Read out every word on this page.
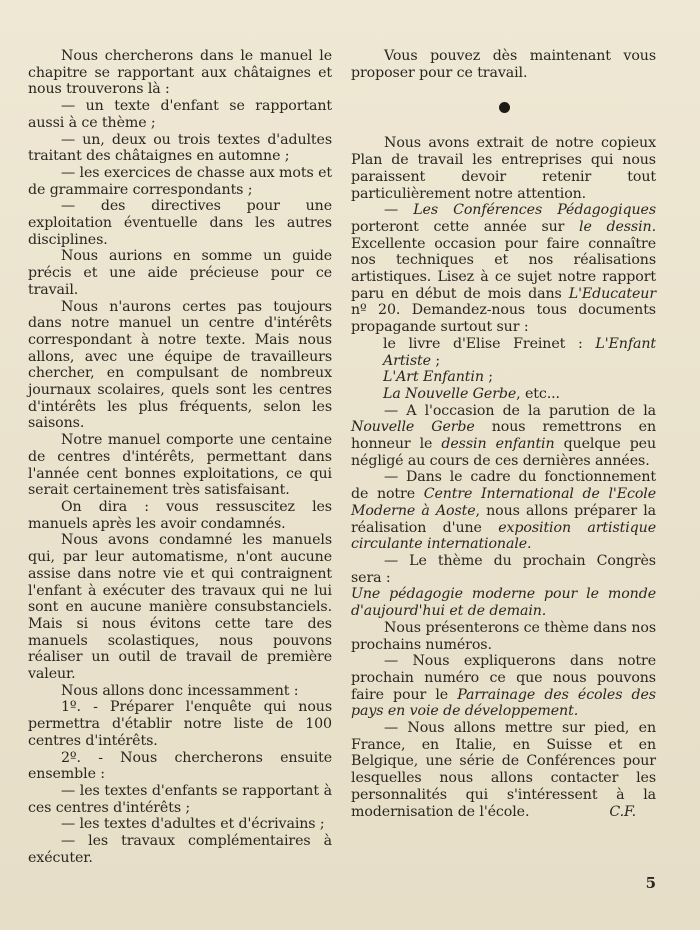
Nous chercherons dans le manuel le chapitre se rapportant aux châtaignes et nous trouverons là :

— un texte d'enfant se rapportant aussi à ce thème ;

— un, deux ou trois textes d'adultes traitant des châtaignes en automne ;

— les exercices de chasse aux mots et de grammaire correspondants ;

— des directives pour une exploitation éventuelle dans les autres disciplines.

Nous aurions en somme un guide précis et une aide précieuse pour ce travail.

Nous n'aurons certes pas toujours dans notre manuel un centre d'intérêts correspondant à notre texte. Mais nous allons, avec une équipe de travailleurs chercher, en compulsant de nombreux journaux scolaires, quels sont les centres d'intérêts les plus fréquents, selon les saisons.

Notre manuel comporte une centaine de centres d'intérêts, permettant dans l'année cent bonnes exploitations, ce qui serait certainement très satisfaisant.

On dira : vous ressuscitez les manuels après les avoir condamnés.

Nous avons condamné les manuels qui, par leur automatisme, n'ont aucune assise dans notre vie et qui contraignent l'enfant à exécuter des travaux qui ne lui sont en aucune manière consubstanciels. Mais si nous évitons cette tare des manuels scolastiques, nous pouvons réaliser un outil de travail de première valeur.

Nous allons donc incessamment :

1º. - Préparer l'enquête qui nous permettra d'établir notre liste de 100 centres d'intérêts.

2º. - Nous chercherons ensuite ensemble :

— les textes d'enfants se rapportant à ces centres d'intérêts ;

— les textes d'adultes et d'écrivains ;

— les travaux complémentaires à exécuter.

Vous pouvez dès maintenant vous proposer pour ce travail.

Nous avons extrait de notre copieux Plan de travail les entreprises qui nous paraissent devoir retenir tout particulièrement notre attention.

— Les Conférences Pédagogiques porteront cette année sur le dessin. Excellente occasion pour faire connaître nos techniques et nos réalisations artistiques. Lisez à ce sujet notre rapport paru en début de mois dans L'Educateur nº 20. Demandez-nous tous documents propagande surtout sur :

le livre d'Elise Freinet : L'Enfant Artiste ;

L'Art Enfantin ;

La Nouvelle Gerbe, etc...

— A l'occasion de la parution de la Nouvelle Gerbe nous remettrons en honneur le dessin enfantin quelque peu négligé au cours de ces dernières années.

— Dans le cadre du fonctionnement de notre Centre International de l'Ecole Moderne à Aoste, nous allons préparer la réalisation d'une exposition artistique circulante internationale.

— Le thème du prochain Congrès sera :

Une pédagogie moderne pour le monde d'aujourd'hui et de demain.

Nous présenterons ce thème dans nos prochains numéros.

— Nous expliquerons dans notre prochain numéro ce que nous pouvons faire pour le Parrainage des écoles des pays en voie de développement.

— Nous allons mettre sur pied, en France, en Italie, en Suisse et en Belgique, une série de Conférences pour lesquelles nous allons contacter les personnalités qui s'intéressent à la modernisation de l'école.	C.F.

5
